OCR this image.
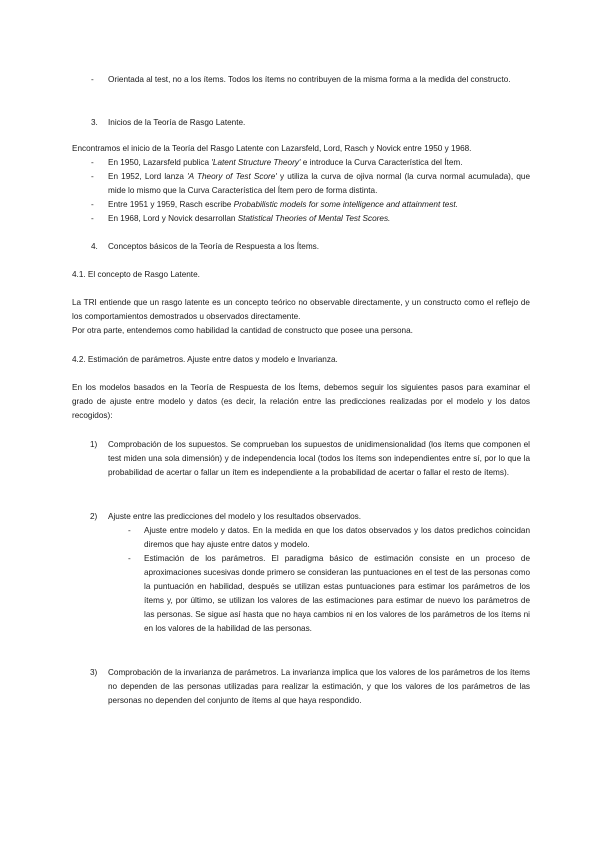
- Orientada al test, no a los ítems. Todos los ítems no contribuyen de la misma forma a la medida del constructo.

3. Inicios de la Teoría de Rasgo Latente.

Encontramos el inicio de la Teoría del Rasgo Latente con Lazarsfeld, Lord, Rasch y Novick entre 1950 y 1968.

- En 1950, Lazarsfeld publica 'Latent Structure Theory' e introduce la Curva Característica del Ítem.

- En 1952, Lord lanza 'A Theory of Test Score' y utiliza la curva de ojiva normal (la curva normal acumulada), que mide lo mismo que la Curva Característica del Ítem pero de forma distinta.

- Entre 1951 y 1959, Rasch escribe Probabilistic models for some intelligence and attainment test.

- En 1968, Lord y Novick desarrollan Statistical Theories of Mental Test Scores.

4. Conceptos básicos de la Teoría de Respuesta a los Ítems.

4.1. El concepto de Rasgo Latente.

La TRI entiende que un rasgo latente es un concepto teórico no observable directamente, y un constructo como el reflejo de los comportamientos demostrados u observados directamente.

Por otra parte, entendemos como habilidad la cantidad de constructo que posee una persona.

4.2. Estimación de parámetros. Ajuste entre datos y modelo e Invarianza.

En los modelos basados en la Teoría de Respuesta de los Ítems, debemos seguir los siguientes pasos para examinar el grado de ajuste entre modelo y datos (es decir, la relación entre las predicciones realizadas por el modelo y los datos recogidos):

1) Comprobación de los supuestos. Se comprueban los supuestos de unidimensionalidad (los ítems que componen el test miden una sola dimensión) y de independencia local (todos los ítems son independientes entre sí, por lo que la probabilidad de acertar o fallar un ítem es independiente a la probabilidad de acertar o fallar el resto de ítems).

2) Ajuste entre las predicciones del modelo y los resultados observados.

- Ajuste entre modelo y datos. En la medida en que los datos observados y los datos predichos coincidan diremos que hay ajuste entre datos y modelo.

- Estimación de los parámetros. El paradigma básico de estimación consiste en un proceso de aproximaciones sucesivas donde primero se consideran las puntuaciones en el test de las personas como la puntuación en habilidad, después se utilizan estas puntuaciones para estimar los parámetros de los ítems y, por último, se utilizan los valores de las estimaciones para estimar de nuevo los parámetros de las personas. Se sigue así hasta que no haya cambios ni en los valores de los parámetros de los ítems ni en los valores de la habilidad de las personas.

3) Comprobación de la invarianza de parámetros. La invarianza implica que los valores de los parámetros de los ítems no dependen de las personas utilizadas para realizar la estimación, y que los valores de los parámetros de las personas no dependen del conjunto de ítems al que haya respondido.
